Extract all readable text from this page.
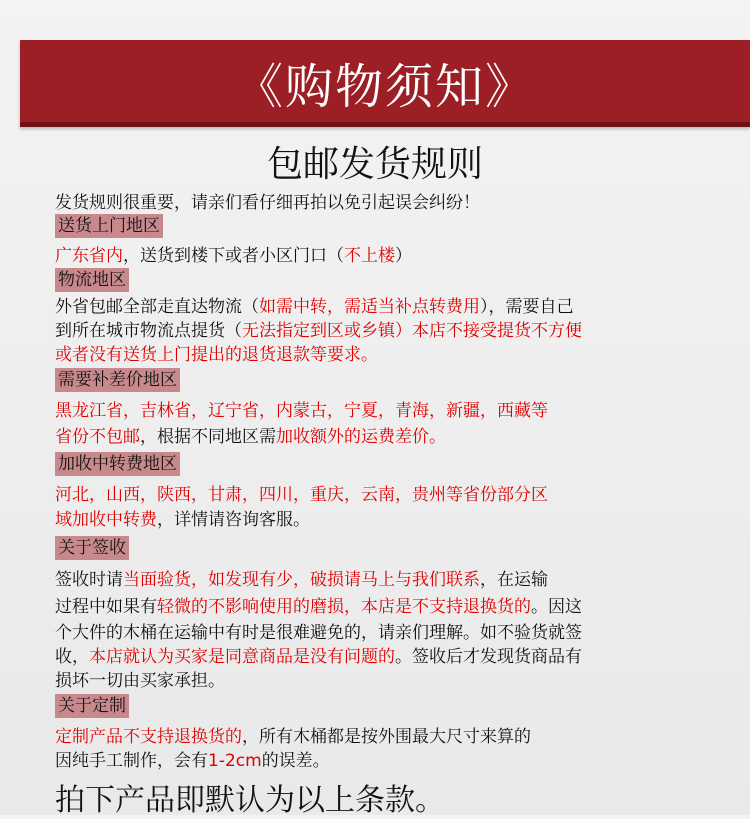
《购物须知》
包邮发货规则
发货规则很重要，请亲们看仔细再拍以免引起误会纠纷！
送货上门地区
广东省内，送货到楼下或者小区门口（不上楼）
物流地区
外省包邮全部走直达物流（如需中转，需适当补点转费用），需要自己
到所在城市物流点提货（无法指定到区或乡镇）本店不接受提货不方便
或者没有送货上门提出的退货退款等要求。
需要补差价地区
黑龙江省，吉林省，辽宁省，内蒙古，宁夏，青海，新疆，西藏等
省份不包邮，根据不同地区需加收额外的运费差价。
加收中转费地区
河北，山西，陕西，甘肃，四川，重庆，云南，贵州等省份部分区
域加收中转费，详情请咨询客服。
关于签收
签收时请当面验货，如发现有少，破损请马上与我们联系，在运输
过程中如果有轻微的不影响使用的磨损，本店是不支持退换货的。因这
个大件的木桶在运输中有时是很难避免的，请亲们理解。如不验货就签
收，本店就认为买家是同意商品是没有问题的。签收后才发现货商品有
损坏一切由买家承担。
关于定制
定制产品不支持退换货的，所有木桶都是按外围最大尺寸来算的
因纯手工制作，会有1-2cm的误差。
拍下产品即默认为以上条款。
